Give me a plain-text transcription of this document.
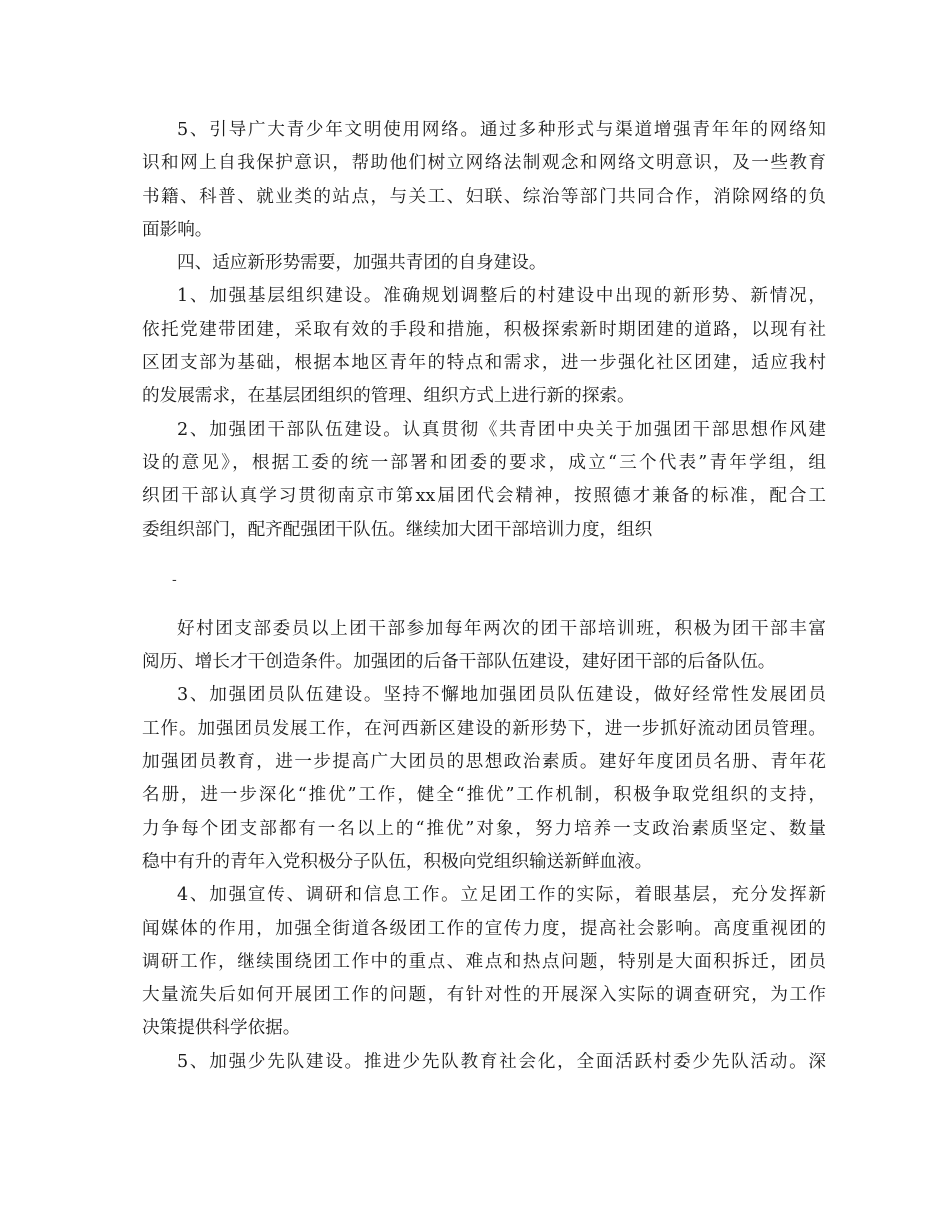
5、引导广大青少年文明使用网络。通过多种形式与渠道增强青年年的网络知
识和网上自我保护意识，帮助他们树立网络法制观念和网络文明意识，及一些教育
书籍、科普、就业类的站点，与关工、妇联、综治等部门共同合作，消除网络的负
面影响。
四、适应新形势需要，加强共青团的自身建设。
1、加强基层组织建设。准确规划调整后的村建设中出现的新形势、新情况，
依托党建带团建，采取有效的手段和措施，积极探索新时期团建的道路，以现有社
区团支部为基础，根据本地区青年的特点和需求，进一步强化社区团建，适应我村
的发展需求，在基层团组织的管理、组织方式上进行新的探索。
2、加强团干部队伍建设。认真贯彻《共青团中央关于加强团干部思想作风建
设的意见》，根据工委的统一部署和团委的要求，成立“三个代表”青年学组，组
织团干部认真学习贯彻南京市第xx届团代会精神，按照德才兼备的标准，配合工
委组织部门，配齐配强团干队伍。继续加大团干部培训力度，组织
-
好村团支部委员以上团干部参加每年两次的团干部培训班，积极为团干部丰富
阅历、增长才干创造条件。加强团的后备干部队伍建设，建好团干部的后备队伍。
3、加强团员队伍建设。坚持不懈地加强团员队伍建设，做好经常性发展团员
工作。加强团员发展工作，在河西新区建设的新形势下，进一步抓好流动团员管理。
加强团员教育，进一步提高广大团员的思想政治素质。建好年度团员名册、青年花
名册，进一步深化“推优”工作，健全“推优”工作机制，积极争取党组织的支持，
力争每个团支部都有一名以上的“推优”对象，努力培养一支政治素质坚定、数量
稳中有升的青年入党积极分子队伍，积极向党组织输送新鲜血液。
4、加强宣传、调研和信息工作。立足团工作的实际，着眼基层，充分发挥新
闻媒体的作用，加强全街道各级团工作的宣传力度，提高社会影响。高度重视团的
调研工作，继续围绕团工作中的重点、难点和热点问题，特别是大面积拆迁，团员
大量流失后如何开展团工作的问题，有针对性的开展深入实际的调查研究，为工作
决策提供科学依据。
5、加强少先队建设。推进少先队教育社会化，全面活跃村委少先队活动。深
